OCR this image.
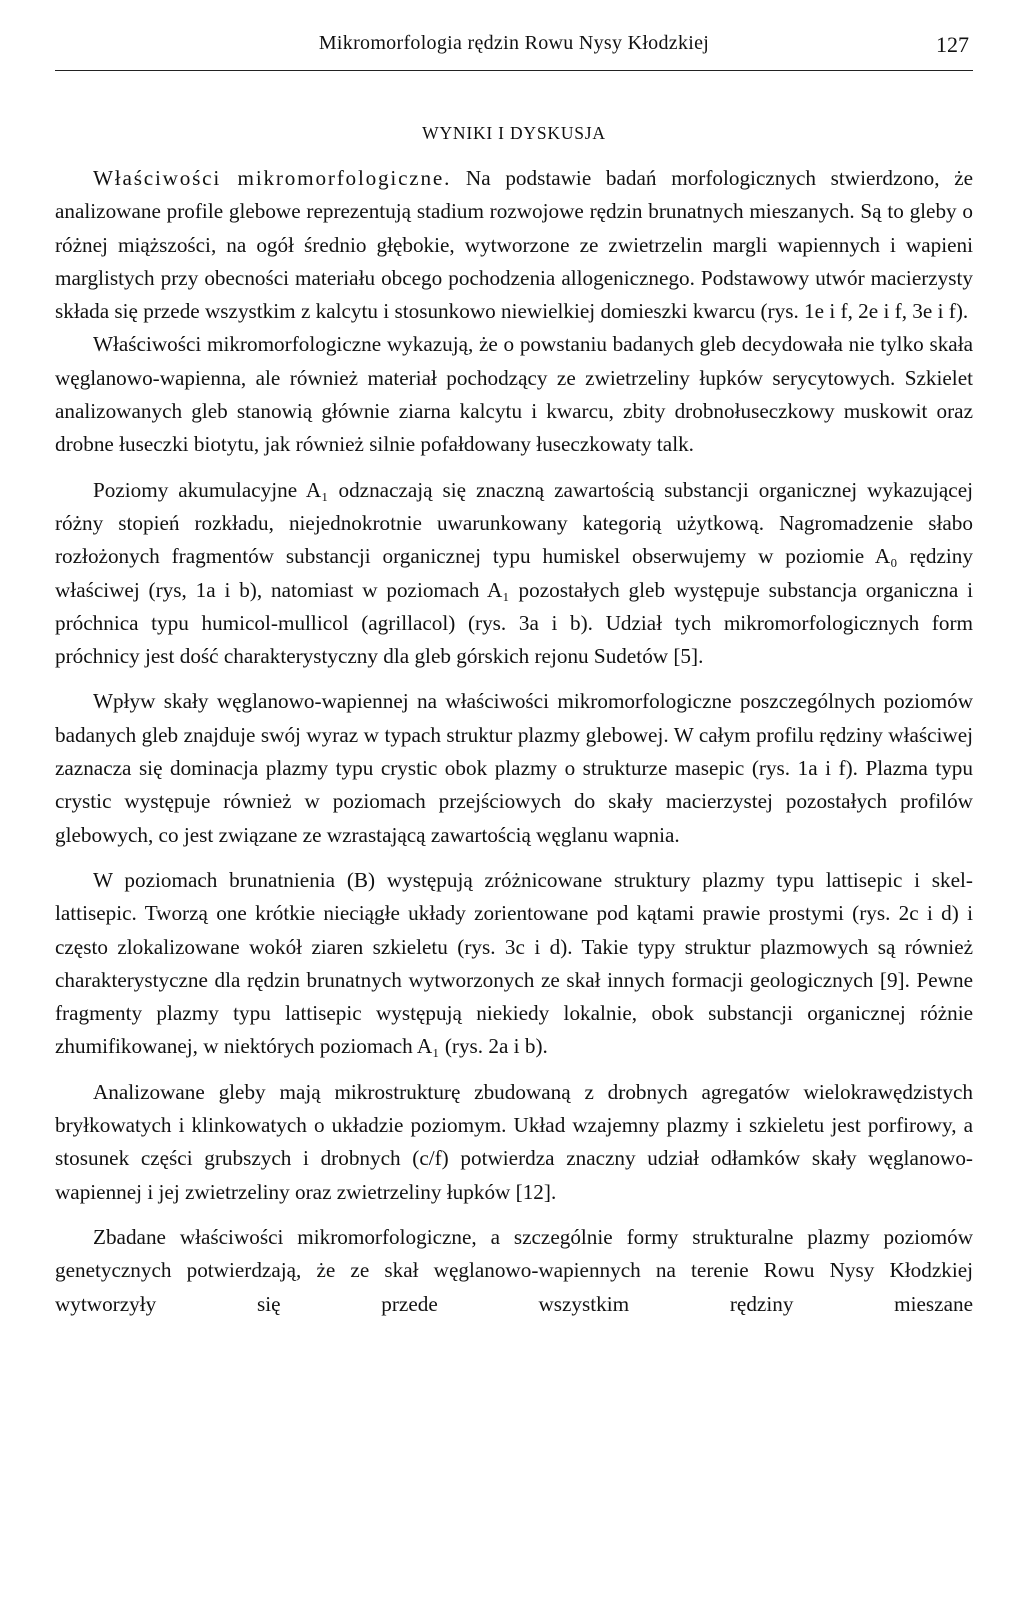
Mikromorfologia rędzin Rowu Nysy Kłodzkiej	127
WYNIKI I DYSKUSJA

Właściwości mikromorfologiczne. Na podstawie badań morfologicznych stwierdzono, że analizowane profile glebowe reprezentują stadium rozwojowe rędzin brunatnych mieszanych. Są to gleby o różnej miąższości, na ogół średnio głębokie, wytworzone ze zwietrzelin margli wapiennych i wapieni marglistych przy obecności materiału obcego pochodzenia allogenicznego. Podstawowy utwór macierzysty składa się przede wszystkim z kalcytu i stosunkowo niewielkiej domieszki kwarcu (rys. 1e i f, 2e i f, 3e i f).

Właściwości mikromorfologiczne wykazują, że o powstaniu badanych gleb decydowała nie tylko skała węglanowo-wapienna, ale również materiał pochodzący ze zwietrzeliny łupków serycytowych. Szkielet analizowanych gleb stanowią głównie ziarna kalcytu i kwarcu, zbity drobnołuseczkowy muskowit oraz drobne łuseczki biotytu, jak również silnie pofałdowany łuseczkowaty talk.

Poziomy akumulacyjne A₁ odznaczają się znaczną zawartością substancji organicznej wykazującej różny stopień rozkładu, niejednokrotnie uwarunkowany kategorią użytkową. Nagromadzenie słabo rozłożonych fragmentów substancji organicznej typu humiskel obserwujemy w poziomie A₀ rędziny właściwej (rys, 1a i b), natomiast w poziomach A₁ pozostałych gleb występuje substancja organiczna i próchnica typu humicol-mullicol (agrillacol) (rys. 3a i b). Udział tych mikromorfologicznych form próchnicy jest dość charakterystyczny dla gleb górskich rejonu Sudetów [5].

Wpływ skały węglanowo-wapiennej na właściwości mikromorfologiczne poszczególnych poziomów badanych gleb znajduje swój wyraz w typach struktur plazmy glebowej. W całym profilu rędziny właściwej zaznacza się dominacja plazmy typu crystic obok plazmy o strukturze masepic (rys. 1a i f). Plazma typu crystic występuje również w poziomach przejściowych do skały macierzystej pozostałych profilów glebowych, co jest związane ze wzrastającą zawartością węglanu wapnia.

W poziomach brunatnienia (B) występują zróżnicowane struktury plazmy typu lattisepic i skel-lattisepic. Tworzą one krótkie nieciągłe układy zorientowane pod kątami prawie prostymi (rys. 2c i d) i często zlokalizowane wokół ziaren szkieletu (rys. 3c i d). Takie typy struktur plazmowych są również charakterystyczne dla rędzin brunatnych wytworzonych ze skał innych formacji geologicznych [9]. Pewne fragmenty plazmy typu lattisepic występują niekiedy lokalnie, obok substancji organicznej różnie zhumifikowanej, w niektórych poziomach A₁ (rys. 2a i b).

Analizowane gleby mają mikrostrukturę zbudowaną z drobnych agregatów wielokrawędzistych bryłkowatych i klinkowatych o układzie poziomym. Układ wzajemny plazmy i szkieletu jest porfirowy, a stosunek części grubszych i drobnych (c/f) potwierdza znaczny udział odłamków skały węglanowo-wapiennej i jej zwietrzeliny oraz zwietrzeliny łupków [12].

Zbadane właściwości mikromorfologiczne, a szczególnie formy strukturalne plazmy poziomów genetycznych potwierdzają, że ze skał węglanowo-wapiennych na terenie Rowu Nysy Kłodzkiej wytworzyły się przede wszystkim rędziny mieszane
